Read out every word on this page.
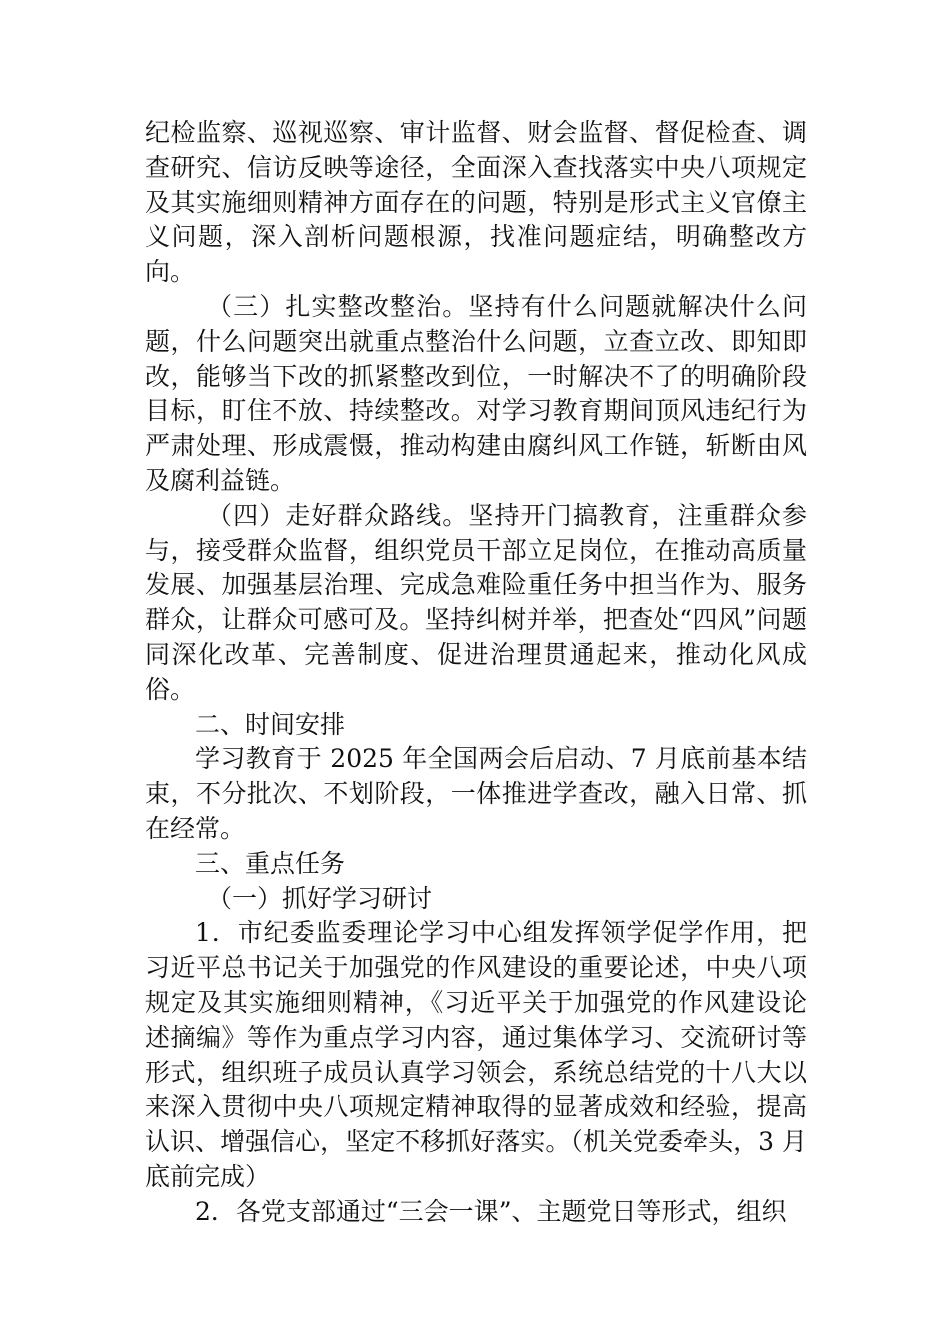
纪检监察、巡视巡察、审计监督、财会监督、督促检查、调查研究、信访反映等途径，全面深入查找落实中央八项规定及其实施细则精神方面存在的问题，特别是形式主义官僚主义问题，深入剖析问题根源，找准问题症结，明确整改方向。

（三）扎实整改整治。坚持有什么问题就解决什么问题，什么问题突出就重点整治什么问题，立查立改、即知即改，能够当下改的抓紧整改到位，一时解决不了的明确阶段目标，盯住不放、持续整改。对学习教育期间顶风违纪行为严肃处理、形成震慑，推动构建由腐纠风工作链，斩断由风及腐利益链。

（四）走好群众路线。坚持开门搞教育，注重群众参与，接受群众监督，组织党员干部立足岗位，在推动高质量发展、加强基层治理、完成急难险重任务中担当作为、服务群众，让群众可感可及。坚持纠树并举，把查处“四风”问题同深化改革、完善制度、促进治理贯通起来，推动化风成俗。

二、时间安排

学习教育于 2025 年全国两会后启动、7 月底前基本结束，不分批次、不划阶段，一体推进学查改，融入日常、抓在经常。

三、重点任务

（一）抓好学习研讨

1．市纪委监委理论学习中心组发挥领学促学作用，把习近平总书记关于加强党的作风建设的重要论述，中央八项规定及其实施细则精神，《习近平关于加强党的作风建设论述摘编》等作为重点学习内容，通过集体学习、交流研讨等形式，组织班子成员认真学习领会，系统总结党的十八大以来深入贯彻中央八项规定精神取得的显著成效和经验，提高认识、增强信心，坚定不移抓好落实。（机关党委牵头，3 月底前完成）

2．各党支部通过“三会一课”、主题党日等形式，组织
